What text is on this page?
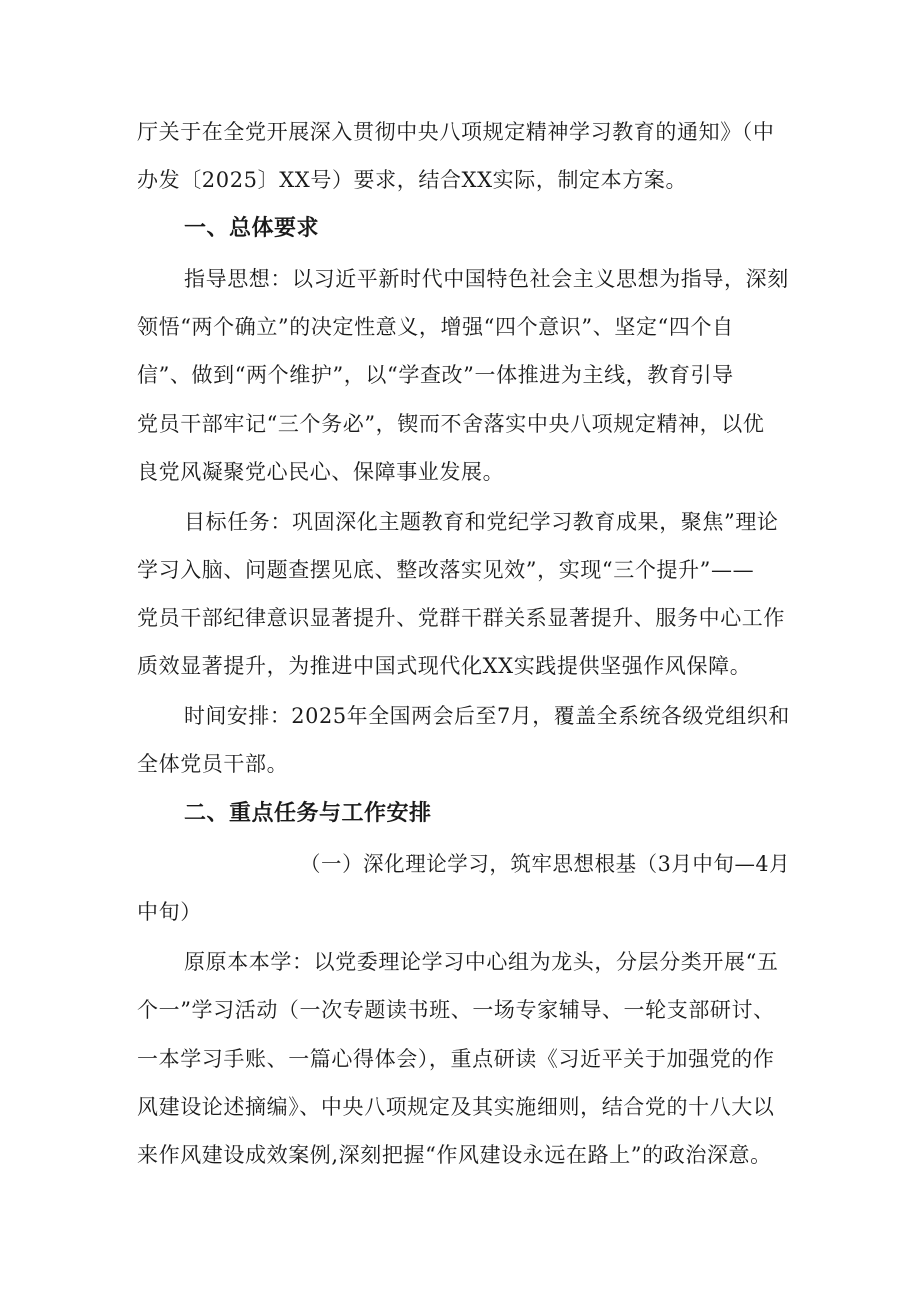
厅关于在全党开展深入贯彻中央八项规定精神学习教育的通知》（中
办发〔2025〕XX号）要求，结合XX实际，制定本方案。
一、总体要求
指导思想：以习近平新时代中国特色社会主义思想为指导，深刻
领悟“两个确立”的决定性意义，增强“四个意识”、坚定“四个自
信”、做到“两个维护”，以“学查改”一体推进为主线，教育引导
党员干部牢记“三个务必”，锲而不舍落实中央八项规定精神，以优
良党风凝聚党心民心、保障事业发展。
目标任务：巩固深化主题教育和党纪学习教育成果，聚焦”理论
学习入脑、问题查摆见底、整改落实见效”，实现“三个提升”——
党员干部纪律意识显著提升、党群干群关系显著提升、服务中心工作
质效显著提升，为推进中国式现代化XX实践提供坚强作风保障。
时间安排：2025年全国两会后至7月，覆盖全系统各级党组织和
全体党员干部。
二、重点任务与工作安排
（一）深化理论学习，筑牢思想根基（3月中旬—4月
中旬）
原原本本学：以党委理论学习中心组为龙头，分层分类开展“五
个一”学习活动（一次专题读书班、一场专家辅导、一轮支部研讨、
一本学习手账、一篇心得体会），重点研读《习近平关于加强党的作
风建设论述摘编》、中央八项规定及其实施细则，结合党的十八大以
来作风建设成效案例,深刻把握“作风建设永远在路上”的政治深意。
